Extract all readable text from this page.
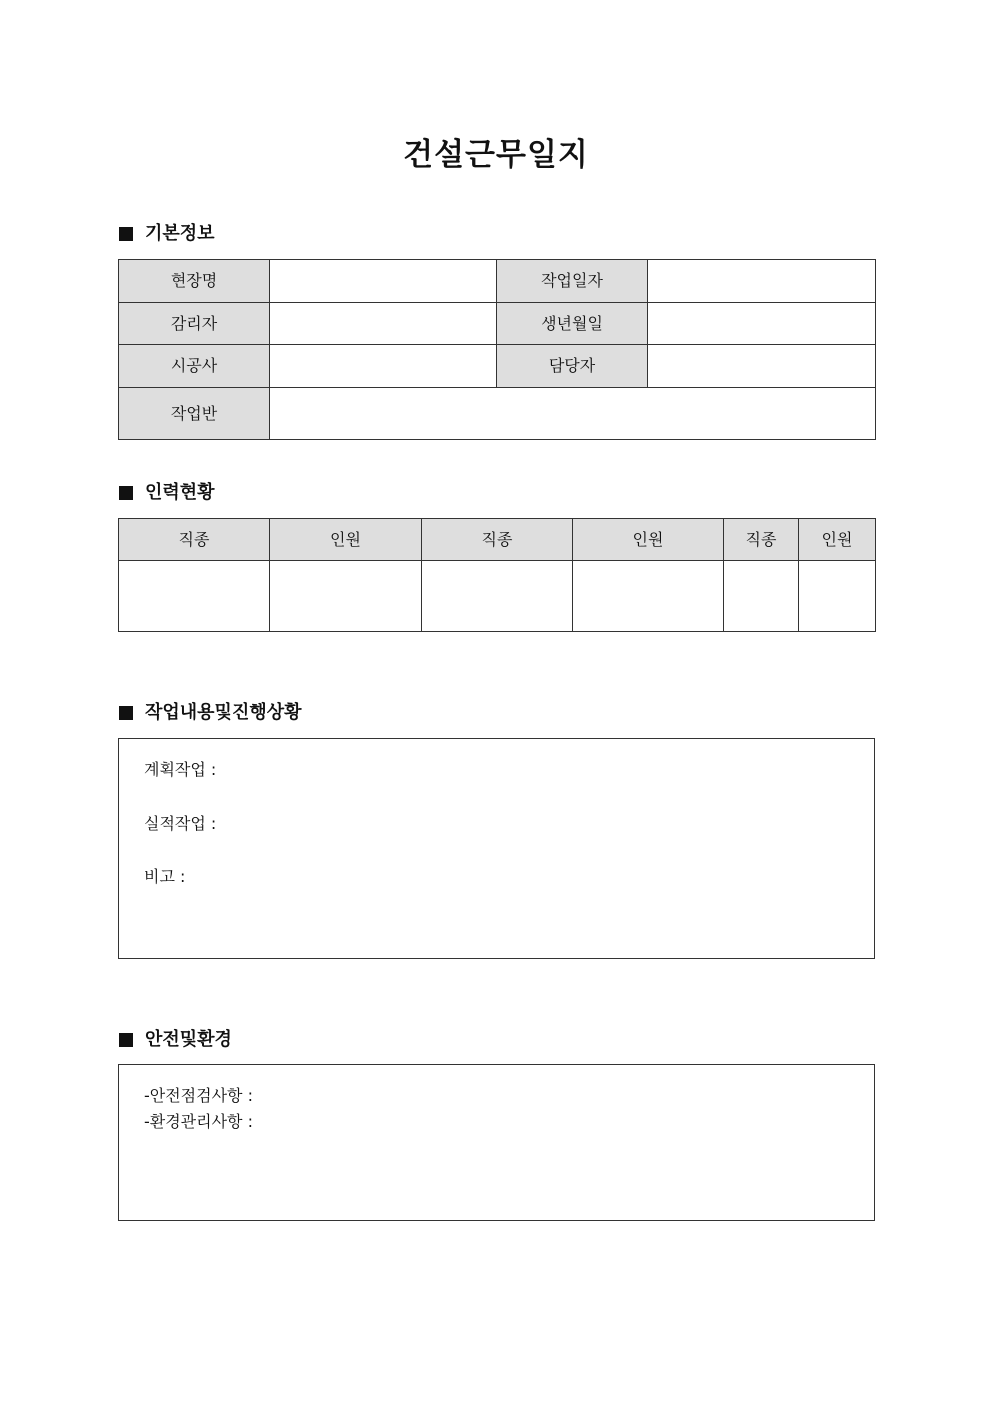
건설근무일지
기본정보
현장명		작업일자	
감리자		생년월일	
시공사		담당자	
작업반			
인력현황
직종	인원	직종	인원	직종	인원

작업내용및진행상황
계획작업 :
실적작업 :
비고 :
안전및환경
-안전점검사항 :
-환경관리사항 :
